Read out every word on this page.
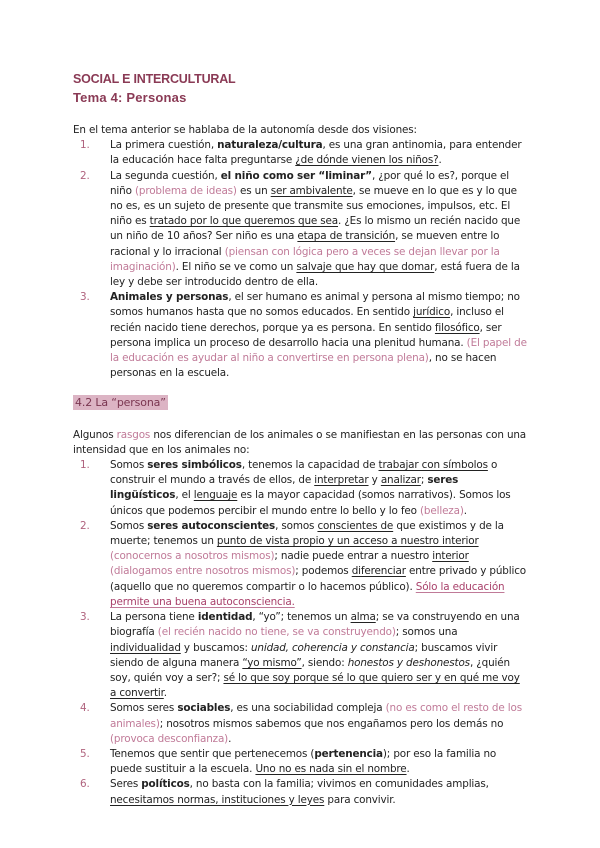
SOCIAL E INTERCULTURAL
Tema 4: Personas

En el tema anterior se hablaba de la autonomía desde dos visiones:

1.	La primera cuestión, naturaleza/cultura, es una gran antinomia, para entender la educación hace falta preguntarse ¿de dónde vienen los niños?.
2.	La segunda cuestión, el niño como ser “liminar”, ¿por qué lo es?, porque el niño (problema de ideas) es un ser ambivalente, se mueve en lo que es y lo que no es, es un sujeto de presente que transmite sus emociones, impulsos, etc. El niño es tratado por lo que queremos que sea. ¿Es lo mismo un recién nacido que un niño de 10 años? Ser niño es una etapa de transición, se mueven entre lo racional y lo irracional (piensan con lógica pero a veces se dejan llevar por la imaginación). El niño se ve como un salvaje que hay que domar, está fuera de la ley y debe ser introducido dentro de ella.
3.	Animales y personas, el ser humano es animal y persona al mismo tiempo; no somos humanos hasta que no somos educados. En sentido jurídico, incluso el recién nacido tiene derechos, porque ya es persona. En sentido filosófico, ser persona implica un proceso de desarrollo hacia una plenitud humana. (El papel de la educación es ayudar al niño a convertirse en persona plena), no se hacen personas en la escuela.
4.2 La “persona”

Algunos rasgos nos diferencian de los animales o se manifiestan en las personas con una intensidad que en los animales no:

1.	Somos seres simbólicos, tenemos la capacidad de trabajar con símbolos o construir el mundo a través de ellos, de interpretar y analizar; seres lingüísticos, el lenguaje es la mayor capacidad (somos narrativos). Somos los únicos que podemos percibir el mundo entre lo bello y lo feo (belleza).
2.	Somos seres autoconscientes, somos conscientes de que existimos y de la muerte; tenemos un punto de vista propio y un acceso a nuestro interior (conocernos a nosotros mismos); nadie puede entrar a nuestro interior (dialogamos entre nosotros mismos); podemos diferenciar entre privado y público (aquello que no queremos compartir o lo hacemos público). Sólo la educación permite una buena autoconsciencia.
3.	La persona tiene identidad, “yo”; tenemos un alma; se va construyendo en una biografía (el recién nacido no tiene, se va construyendo); somos una individualidad y buscamos: unidad, coherencia y constancia; buscamos vivir siendo de alguna manera “yo mismo”, siendo: honestos y deshonestos, ¿quién soy, quién voy a ser?; sé lo que soy porque sé lo que quiero ser y en qué me voy a convertir.
4.	Somos seres sociables, es una sociabilidad compleja (no es como el resto de los animales); nosotros mismos sabemos que nos engañamos pero los demás no (provoca desconfianza).
5.	Tenemos que sentir que pertenecemos (pertenencia); por eso la familia no puede sustituir a la escuela. Uno no es nada sin el nombre.
6.	Seres políticos, no basta con la familia; vivimos en comunidades amplias, necesitamos normas, instituciones y leyes para convivir.
